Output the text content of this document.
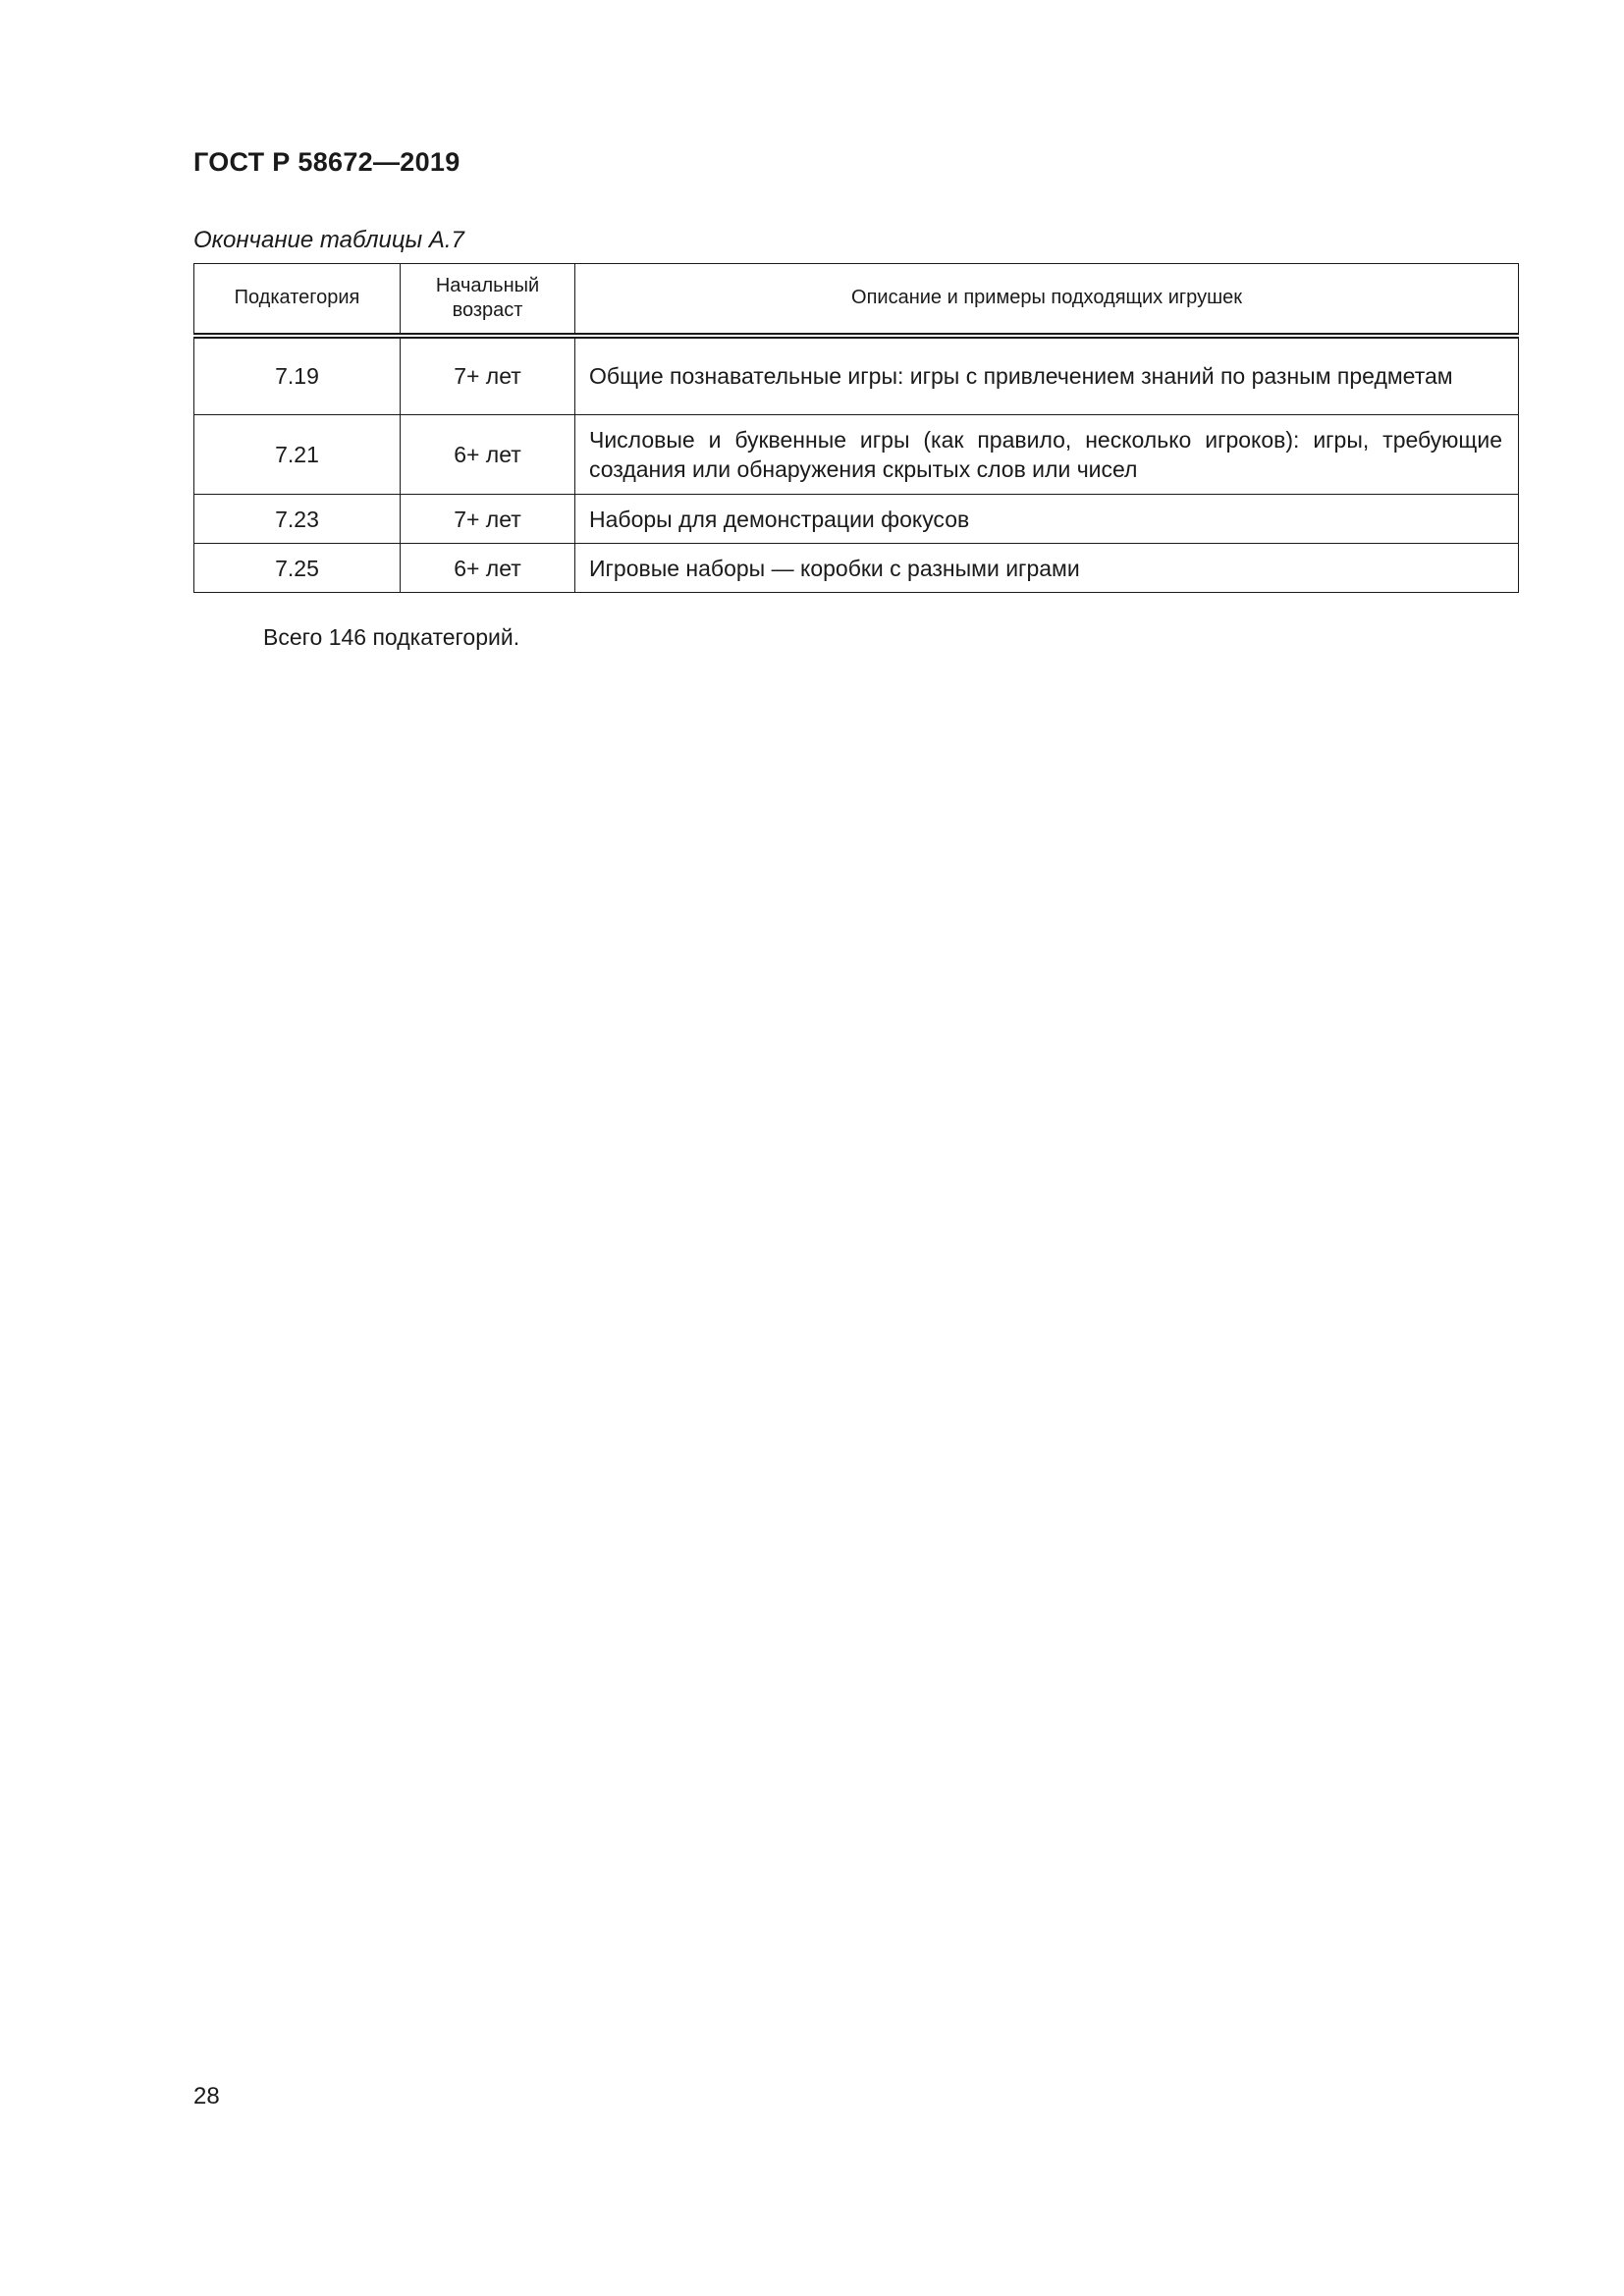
ГОСТ Р 58672—2019
Окончание таблицы А.7
Подкатегория	Начальный возраст	Описание и примеры подходящих игрушек
7.19	7+ лет	Общие познавательные игры: игры с привлечением знаний по разным предметам
7.21	6+ лет	Числовые и буквенные игры (как правило, несколько игроков): игры, требующие создания или обнаружения скрытых слов или чисел
7.23	7+ лет	Наборы для демонстрации фокусов
7.25	6+ лет	Игровые наборы — коробки с разными играми
Всего 146 подкатегорий.
28
